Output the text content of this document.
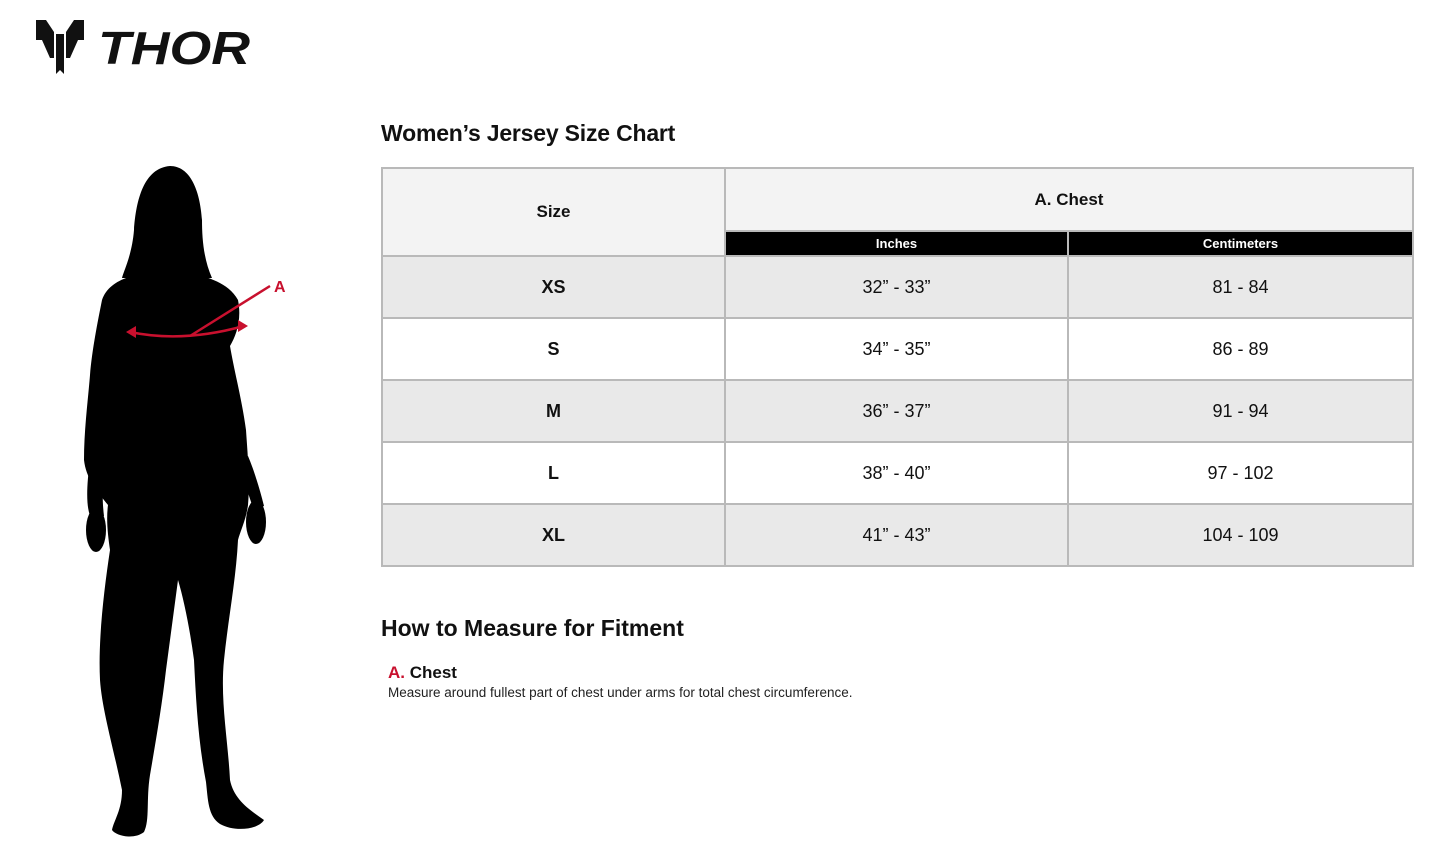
THOR
A
Women’s Jersey Size Chart
Size	A. Chest	
	Inches	Centimeters
XS	32” - 33”	81 - 84
S	34” - 35”	86 - 89
M	36” - 37”	91 - 94
L	38” - 40”	97 - 102
XL	41” - 43”	104 - 109
How to Measure for Fitment
A. Chest
Measure around fullest part of chest under arms for total chest circumference.
